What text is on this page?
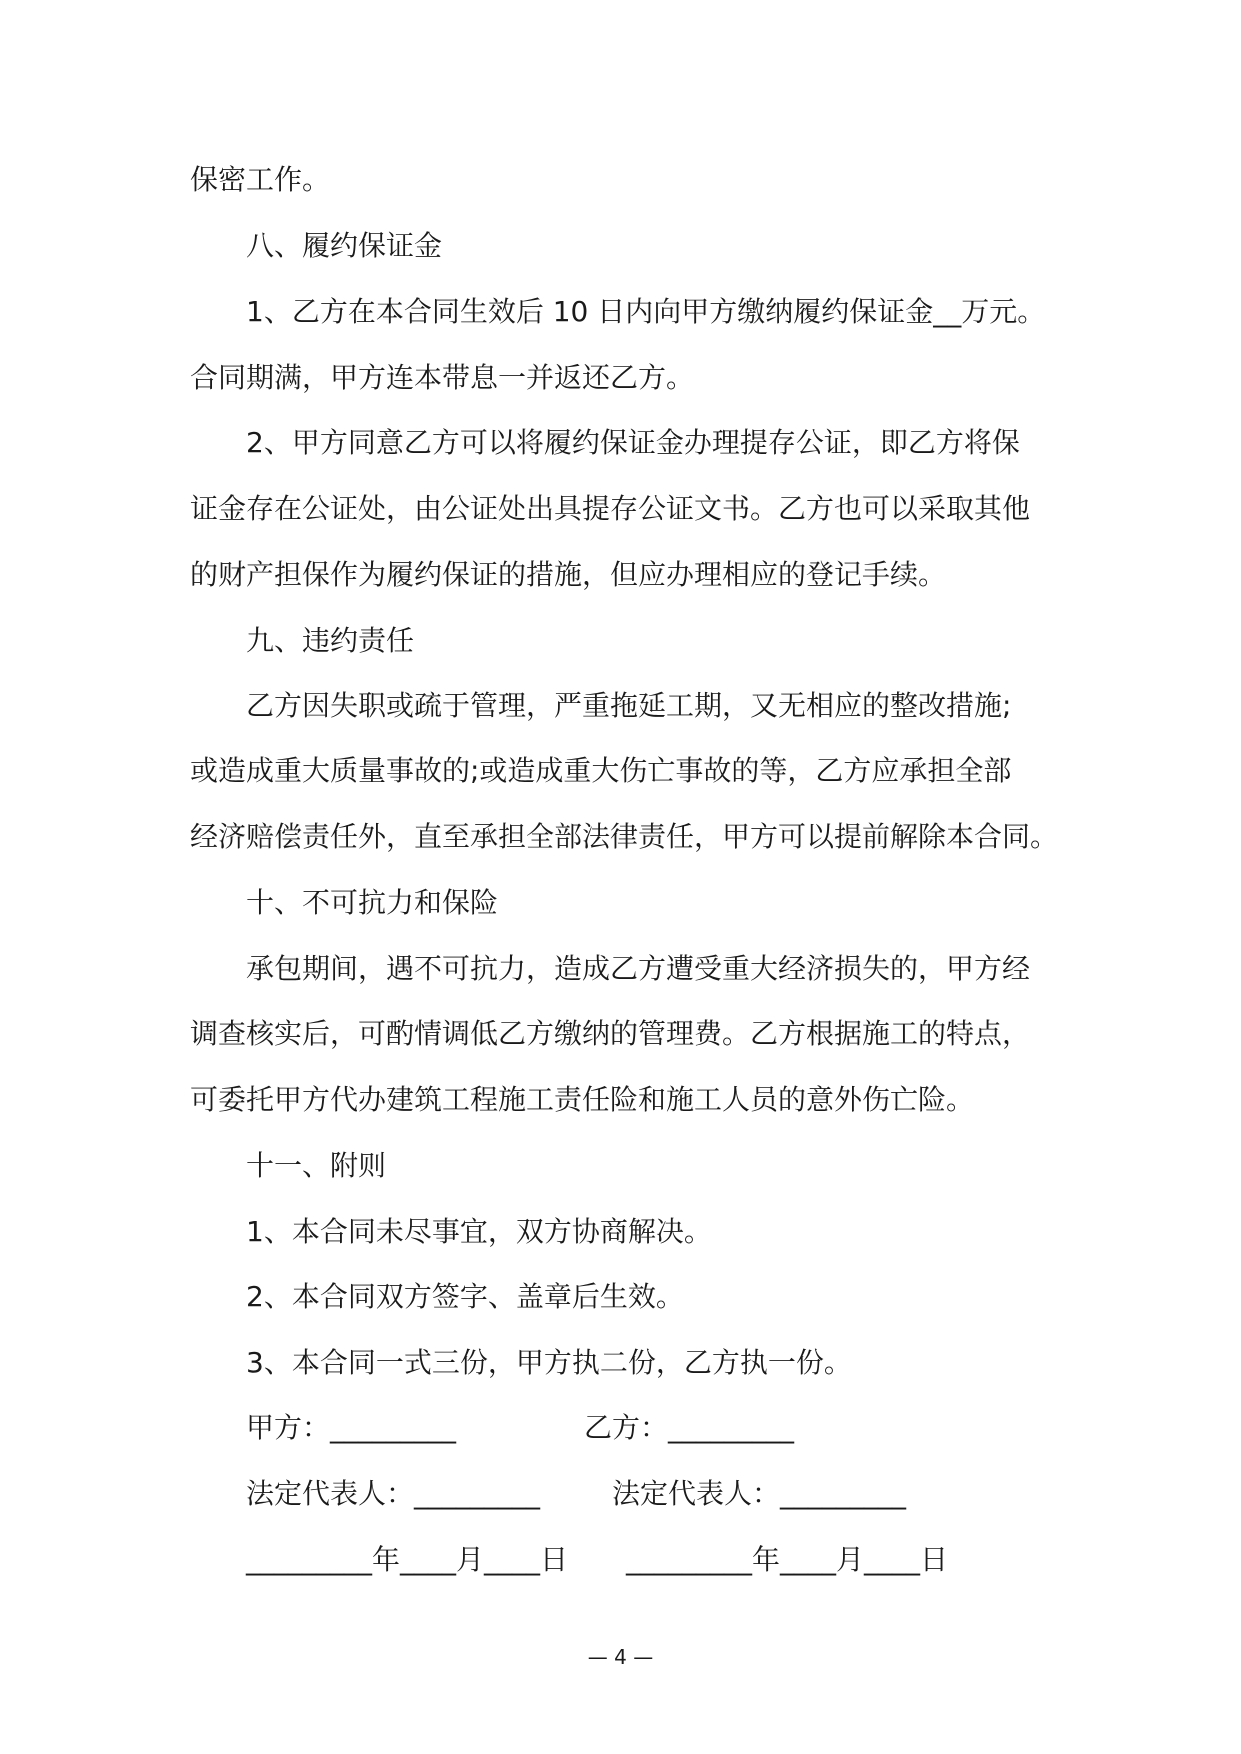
保密工作。
八、履约保证金
1、乙方在本合同生效后 10 日内向甲方缴纳履约保证金__万元。
合同期满，甲方连本带息一并返还乙方。
2、甲方同意乙方可以将履约保证金办理提存公证，即乙方将保
证金存在公证处，由公证处出具提存公证文书。乙方也可以采取其他
的财产担保作为履约保证的措施，但应办理相应的登记手续。
九、违约责任
乙方因失职或疏于管理，严重拖延工期，又无相应的整改措施;
或造成重大质量事故的;或造成重大伤亡事故的等，乙方应承担全部
经济赔偿责任外，直至承担全部法律责任，甲方可以提前解除本合同。
十、不可抗力和保险
承包期间，遇不可抗力，造成乙方遭受重大经济损失的，甲方经
调查核实后，可酌情调低乙方缴纳的管理费。乙方根据施工的特点，
可委托甲方代办建筑工程施工责任险和施工人员的意外伤亡险。
十一、附则
1、本合同未尽事宜，双方协商解决。
2、本合同双方签字、盖章后生效。
3、本合同一式三份，甲方执二份，乙方执一份。
甲方：_________	乙方：_________
法定代表人：_________	法定代表人：_________
_________年____月____日 _________年____月____日
— 4 —
